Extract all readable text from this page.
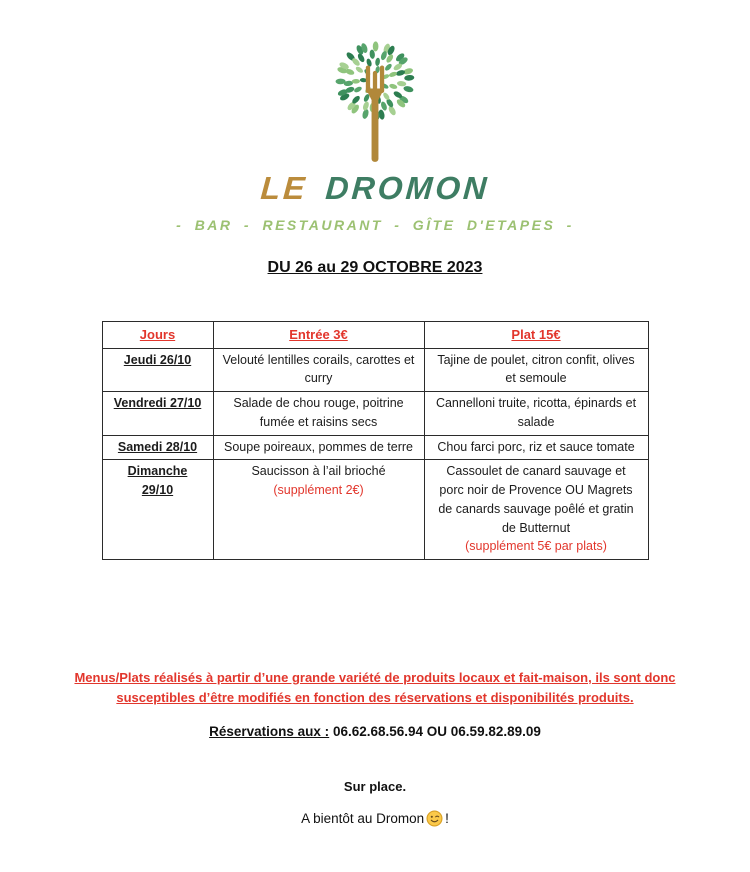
LE DROMON
- BAR - RESTAURANT - GÎTE D'ETAPES -
DU 26 au 29 OCTOBRE 2023
Jours	Entrée 3€	Plat 15€
Jeudi 26/10	Velouté lentilles corails, carottes et curry	Tajine de poulet, citron confit, olives et semoule

Vendredi 27/10	Salade de chou rouge, poitrine fumée et raisins secs	Cannelloni truite, ricotta, épinards et salade

Samedi 28/10	Soupe poireaux, pommes de terre	Chou farci porc, riz et sauce tomate

Dimanche 29/10	Saucisson à l’ail brioché (supplément 2€)	Cassoulet de canard sauvage et porc noir de Provence OU Magrets de canards sauvage poêlé et gratin de Butternut
(supplément 5€ par plats)
Menus/Plats réalisés à partir d’une grande variété de produits locaux et fait-maison, ils sont donc susceptibles d’être modifiés en fonction des réservations et disponibilités produits.
Réservations aux : 06.62.68.56.94 OU 06.59.82.89.09
Sur place.
A bientôt au Dromon !
